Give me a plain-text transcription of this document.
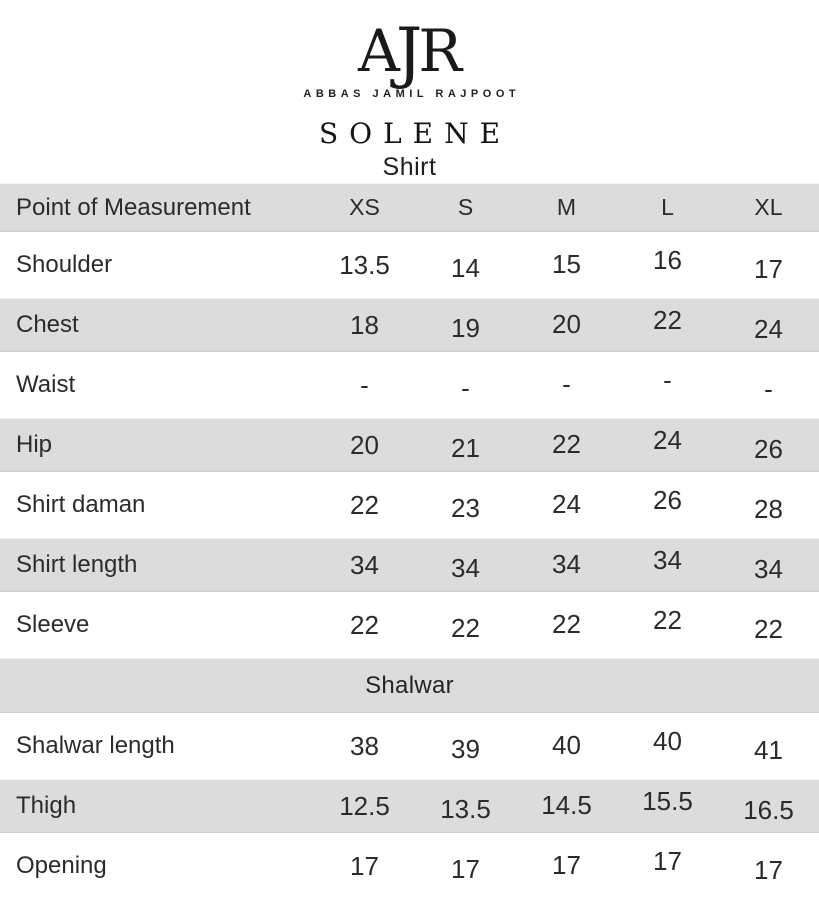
AJR
ABBAS JAMIL RAJPOOT
SOLENE
Shirt
Point of Measurement	XS	S	M	L	XL
Shoulder	13.5	14	15	16	17
Chest	18	19	20	22	24
Waist	-	-	-	-	-
Hip	20	21	22	24	26
Shirt daman	22	23	24	26	28
Shirt length	34	34	34	34	34
Sleeve	22	22	22	22	22
Shalwar					
Shalwar length	38	39	40	40	41
Thigh	12.5	13.5	14.5	15.5	16.5
Opening	17	17	17	17	17
